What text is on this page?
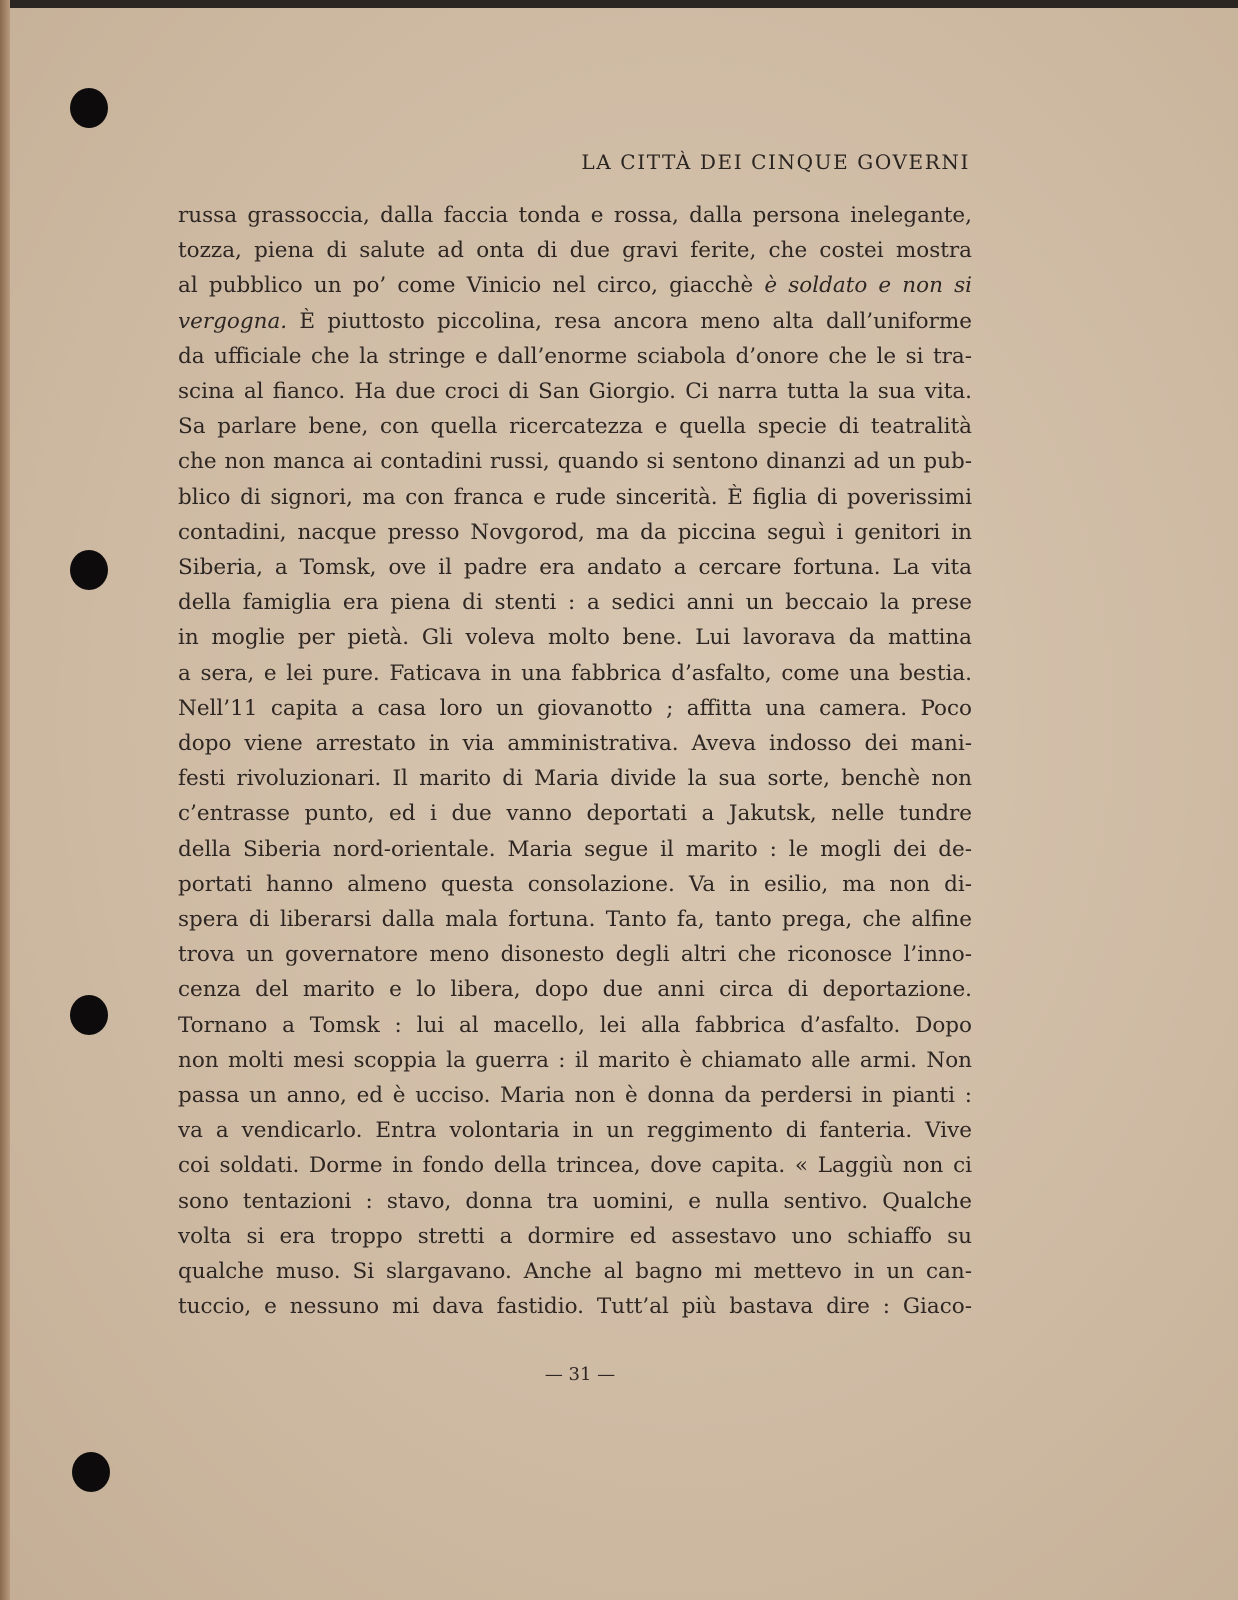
LA CITTÀ DEI CINQUE GOVERNI
russa grassoccia, dalla faccia tonda e rossa, dalla persona inelegante,
tozza, piena di salute ad onta di due gravi ferite, che costei mostra
al pubblico un po’ come Vinicio nel circo, giacchè è soldato e non si
vergogna. È piuttosto piccolina, resa ancora meno alta dall’uniforme
da ufficiale che la stringe e dall’enorme sciabola d’onore che le si tra-
scina al fianco. Ha due croci di San Giorgio. Ci narra tutta la sua vita.
Sa parlare bene, con quella ricercatezza e quella specie di teatralità
che non manca ai contadini russi, quando si sentono dinanzi ad un pub-
blico di signori, ma con franca e rude sincerità. È figlia di poverissimi
contadini, nacque presso Novgorod, ma da piccina seguì i genitori in
Siberia, a Tomsk, ove il padre era andato a cercare fortuna. La vita
della famiglia era piena di stenti : a sedici anni un beccaio la prese
in moglie per pietà. Gli voleva molto bene. Lui lavorava da mattina
a sera, e lei pure. Faticava in una fabbrica d’asfalto, come una bestia.
Nell’11 capita a casa loro un giovanotto ; affitta una camera. Poco
dopo viene arrestato in via amministrativa. Aveva indosso dei mani-
festi rivoluzionari. Il marito di Maria divide la sua sorte, benchè non
c’entrasse punto, ed i due vanno deportati a Jakutsk, nelle tundre
della Siberia nord-orientale. Maria segue il marito : le mogli dei de-
portati hanno almeno questa consolazione. Va in esilio, ma non di-
spera di liberarsi dalla mala fortuna. Tanto fa, tanto prega, che alfine
trova un governatore meno disonesto degli altri che riconosce l’inno-
cenza del marito e lo libera, dopo due anni circa di deportazione.
Tornano a Tomsk : lui al macello, lei alla fabbrica d’asfalto. Dopo
non molti mesi scoppia la guerra : il marito è chiamato alle armi. Non
passa un anno, ed è ucciso. Maria non è donna da perdersi in pianti :
va a vendicarlo. Entra volontaria in un reggimento di fanteria. Vive
coi soldati. Dorme in fondo della trincea, dove capita. « Laggiù non ci
sono tentazioni : stavo, donna tra uomini, e nulla sentivo. Qualche
volta si era troppo stretti a dormire ed assestavo uno schiaffo su
qualche muso. Si slargavano. Anche al bagno mi mettevo in un can-
tuccio, e nessuno mi dava fastidio. Tutt’al più bastava dire : Giaco-
— 31 —
